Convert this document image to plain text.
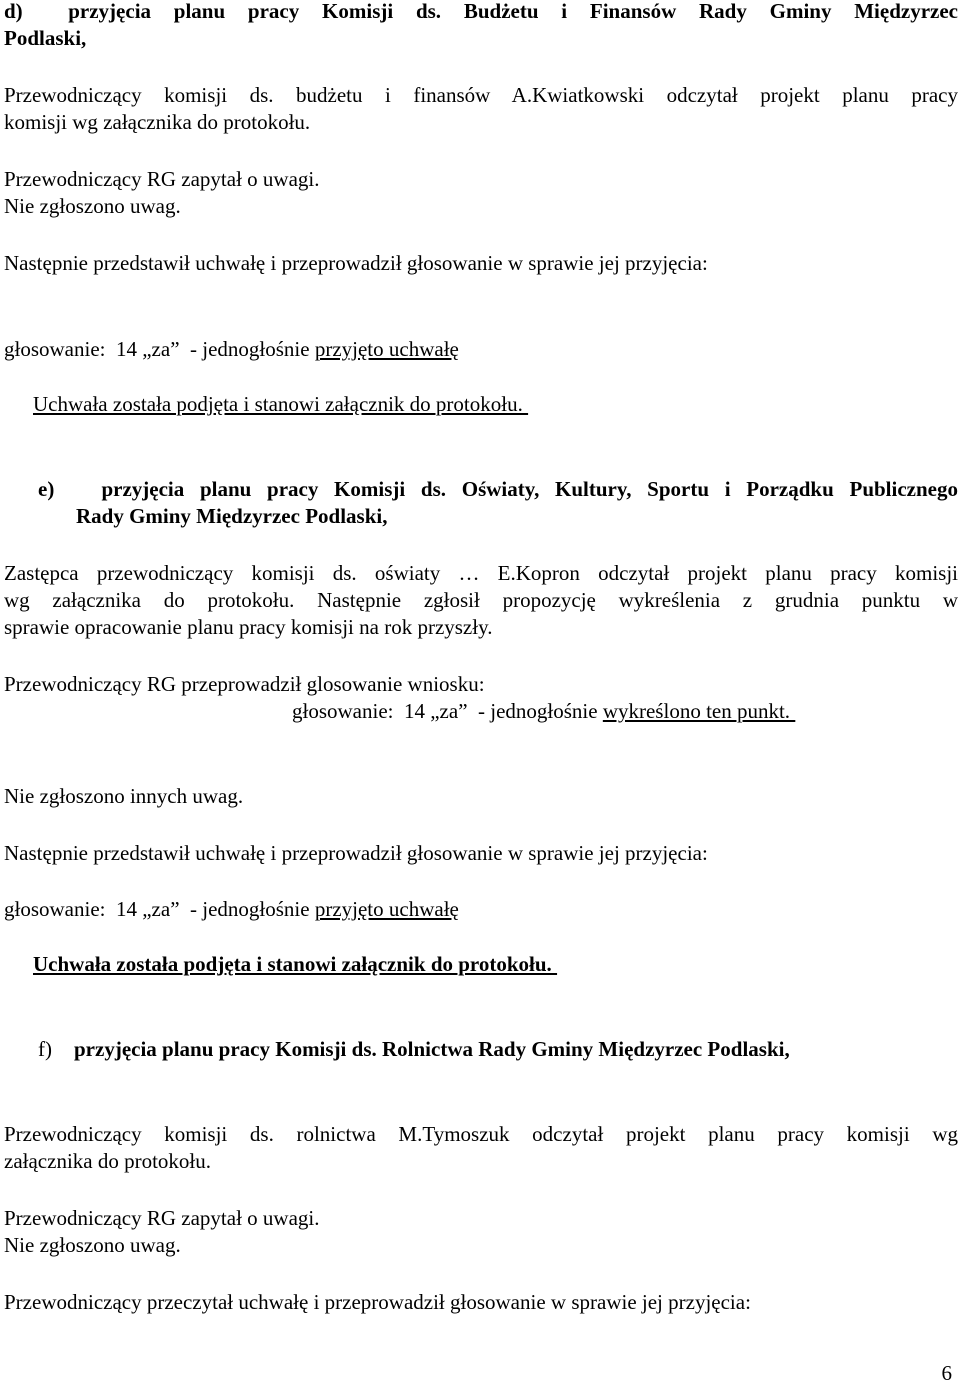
d) przyjęcia planu pracy Komisji ds. Budżetu i Finansów Rady Gminy Międzyrzec

Podlaski,

Przewodniczący komisji ds. budżetu i finansów A.Kwiatkowski odczytał projekt planu pracy

komisji wg załącznika do protokołu.

Przewodniczący RG zapytał o uwagi.

Nie zgłoszono uwag.

Następnie przedstawił uchwałę i przeprowadził głosowanie w sprawie jej przyjęcia:

głosowanie:  14 „za”  - jednogłośnie przyjęto uchwałę

Uchwała została podjęta i stanowi załącznik do protokołu.

e) przyjęcia planu pracy Komisji ds. Oświaty, Kultury, Sportu i Porządku Publicznego

Rady Gminy Międzyrzec Podlaski,

Zastępca przewodniczący komisji ds. oświaty … E.Kopron odczytał projekt planu pracy komisji

wg załącznika do protokołu. Następnie zgłosił propozycję wykreślenia z grudnia punktu w

sprawie opracowanie planu pracy komisji na rok przyszły.

Przewodniczący RG przeprowadził glosowanie wniosku:

głosowanie:  14 „za”  - jednogłośnie wykreślono ten punkt.

Nie zgłoszono innych uwag.

Następnie przedstawił uchwałę i przeprowadził głosowanie w sprawie jej przyjęcia:

głosowanie:  14 „za”  - jednogłośnie przyjęto uchwałę

Uchwała została podjęta i stanowi załącznik do protokołu.

f) przyjęcia planu pracy Komisji ds. Rolnictwa Rady Gminy Międzyrzec Podlaski,

Przewodniczący komisji ds. rolnictwa M.Tymoszuk odczytał projekt planu pracy komisji wg

załącznika do protokołu.

Przewodniczący RG zapytał o uwagi.

Nie zgłoszono uwag.

Przewodniczący przeczytał uchwałę i przeprowadził głosowanie w sprawie jej przyjęcia:

6
